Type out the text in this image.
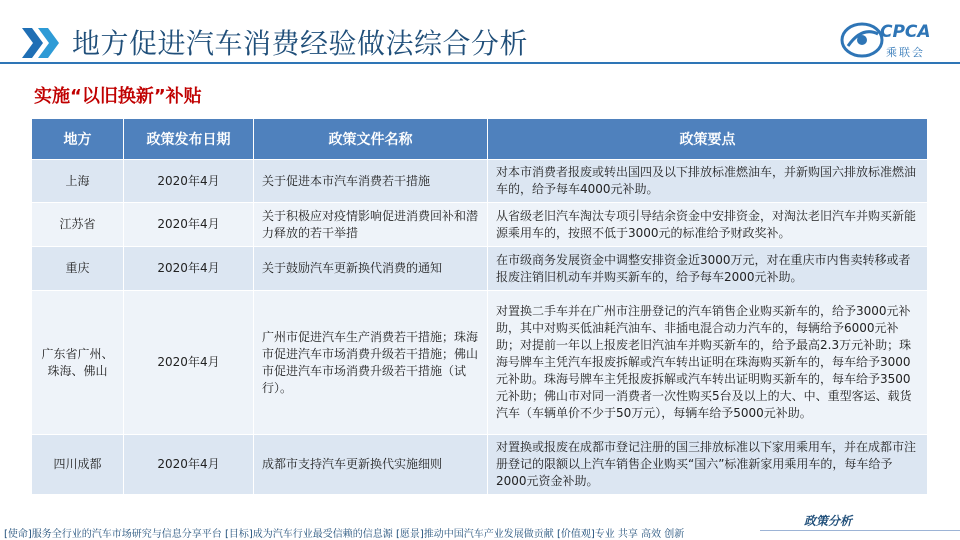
地方促进汽车消费经验做法综合分析	CPCA
乘联会
实施“以旧换新”补贴
地方	政策发布日期	政策文件名称	政策要点
上海	2020年4月	关于促进本市汽车消费若干措施	对本市消费者报废或转出国四及以下排放标准燃油车，并新购国六排放标准燃油车的，给予每车4000元补助。
江苏省	2020年4月	关于积极应对疫情影响促进消费回补和潜力释放的若干举措	从省级老旧汽车淘汰专项引导结余资金中安排资金，对淘汰老旧汽车并购买新能源乘用车的，按照不低于3000元的标准给予财政奖补。
重庆	2020年4月	关于鼓励汽车更新换代消费的通知	在市级商务发展资金中调整安排资金近3000万元，对在重庆市内售卖转移或者报废注销旧机动车并购买新车的，给予每车2000元补助。
广东省广州、珠海、佛山	2020年4月	广州市促进汽车生产消费若干措施；珠海市促进汽车市场消费升级若干措施；佛山市促进汽车市场消费升级若干措施（试行）。	对置换二手车并在广州市注册登记的汽车销售企业购买新车的，给予3000元补助，其中对购买低油耗汽油车、非插电混合动力汽车的，每辆给予6000元补助；对提前一年以上报废老旧汽油车并购买新车的，给予最高2.3万元补助；珠海号牌车主凭汽车报废拆解或汽车转出证明在珠海购买新车的，每车给予3000元补助。珠海号牌车主凭报废拆解或汽车转出证明购买新车的，每车给予3500元补助；佛山市对同一消费者一次性购买5台及以上的大、中、重型客运、载货汽车（车辆单价不少于50万元），每辆车给予5000元补助。
四川成都	2020年4月	成都市支持汽车更新换代实施细则	对置换或报废在成都市登记注册的国三排放标准以下家用乘用车，并在成都市注册登记的限额以上汽车销售企业购买“国六”标准新家用乘用车的，每车给予2000元资金补助。
政策分析
[使命]服务全行业的汽车市场研究与信息分享平台 [目标]成为汽车行业最受信赖的信息源 [愿景]推动中国汽车产业发展做贡献 [价值观]专业 共享 高效 创新
